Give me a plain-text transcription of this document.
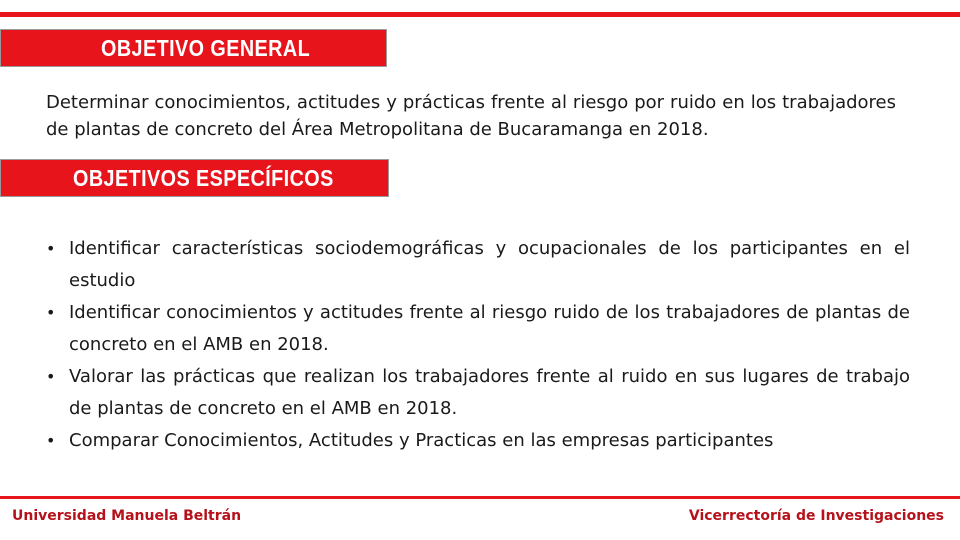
OBJETIVO GENERAL

Determinar conocimientos, actitudes y prácticas frente al riesgo por ruido en los trabajadores de plantas de concreto del Área Metropolitana de Bucaramanga en 2018.

OBJETIVOS ESPECÍFICOS
• Identificar características sociodemográficas y ocupacionales de los participantes en el estudio
• Identificar conocimientos y actitudes frente al riesgo ruido de los trabajadores de plantas de concreto en el AMB en 2018.
• Valorar las prácticas que realizan los trabajadores frente al ruido en sus lugares de trabajo de plantas de concreto en el AMB en 2018.
• Comparar Conocimientos, Actitudes y Practicas en las empresas participantes
Universidad Manuela Beltrán	Vicerrectoría de Investigaciones
